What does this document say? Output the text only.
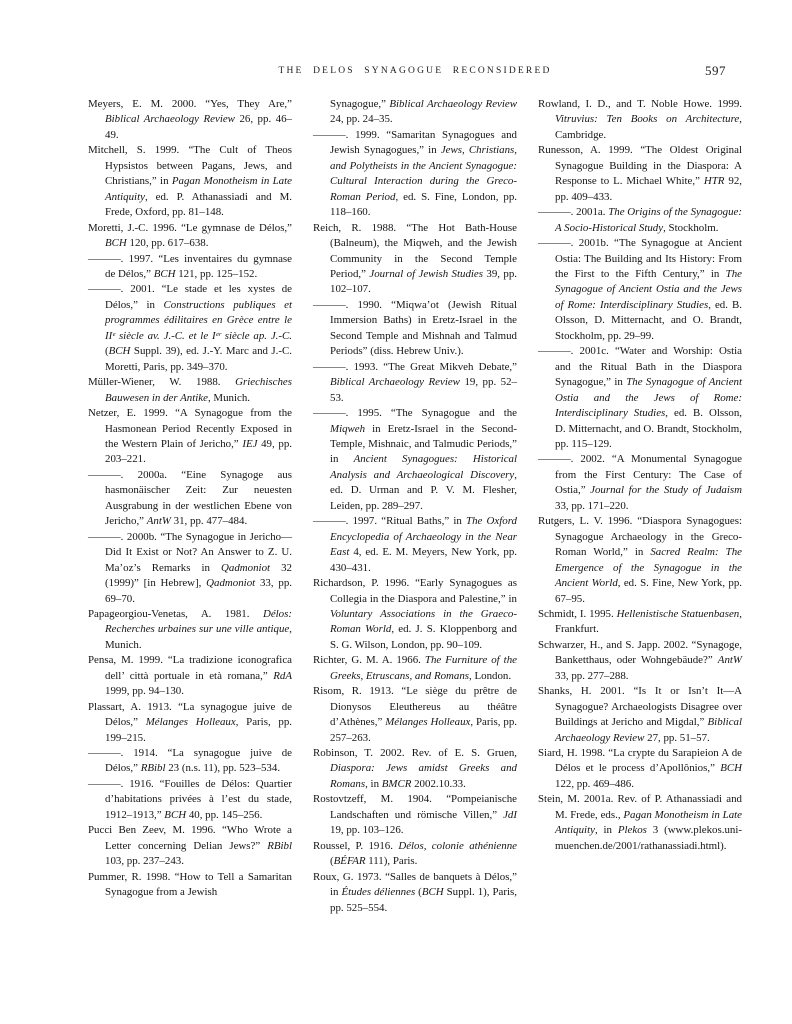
THE DELOS SYNAGOGUE RECONSIDERED	597

Meyers, E. M. 2000. “Yes, They Are,” Biblical Archaeology Review 26, pp. 46–49.

Mitchell, S. 1999. “The Cult of Theos Hypsistos between Pagans, Jews, and Christians,” in Pagan Monotheism in Late Antiquity, ed. P. Athanassiadi and M. Frede, Oxford, pp. 81–148.

Moretti, J.-C. 1996. “Le gymnase de Délos,” BCH 120, pp. 617–638.

———. 1997. “Les inventaires du gymnase de Délos,” BCH 121, pp. 125–152.

———. 2001. “Le stade et les xystes de Délos,” in Constructions publiques et programmes édilitaires en Grèce entre le IIᵉ siècle av. J.-C. et le Iᵉʳ siècle ap. J.-C. (BCH Suppl. 39), ed. J.-Y. Marc and J.-C. Moretti, Paris, pp. 349–370.

Müller-Wiener, W. 1988. Griechisches Bauwesen in der Antike, Munich.

Netzer, E. 1999. “A Synagogue from the Hasmonean Period Recently Exposed in the Western Plain of Jericho,” IEJ 49, pp. 203–221.

———. 2000a. “Eine Synagoge aus hasmonäischer Zeit: Zur neuesten Ausgrabung in der westlichen Ebene von Jericho,” AntW 31, pp. 477–484.

———. 2000b. “The Synagogue in Jericho—Did It Exist or Not? An Answer to Z. U. Ma’oz’s Remarks in Qadmoniot 32 (1999)” [in Hebrew], Qadmoniot 33, pp. 69–70.

Papageorgiou-Venetas, A. 1981. Délos: Recherches urbaines sur une ville antique, Munich.

Pensa, M. 1999. “La tradizione iconografica dell’ città portuale in età romana,” RdA 1999, pp. 94–130.

Plassart, A. 1913. “La synagogue juive de Délos,” Mélanges Holleaux, Paris, pp. 199–215.

———. 1914. “La synagogue juive de Délos,” RBibl 23 (n.s. 11), pp. 523–534.

———. 1916. “Fouilles de Délos: Quartier d’habitations privées à l’est du stade, 1912–1913,” BCH 40, pp. 145–256.

Pucci Ben Zeev, M. 1996. “Who Wrote a Letter concerning Delian Jews?” RBibl 103, pp. 237–243.

Pummer, R. 1998. “How to Tell a Samaritan Synagogue from a Jewish

Synagogue,” Biblical Archaeology Review 24, pp. 24–35.

———. 1999. “Samaritan Synagogues and Jewish Synagogues,” in Jews, Christians, and Polytheists in the Ancient Synagogue: Cultural Interaction during the Greco-Roman Period, ed. S. Fine, London, pp. 118–160.

Reich, R. 1988. “The Hot Bath-House (Balneum), the Miqweh, and the Jewish Community in the Second Temple Period,” Journal of Jewish Studies 39, pp. 102–107.

———. 1990. “Miqwa’ot (Jewish Ritual Immersion Baths) in Eretz-Israel in the Second Temple and Mishnah and Talmud Periods” (diss. Hebrew Univ.).

———. 1993. “The Great Mikveh Debate,” Biblical Archaeology Review 19, pp. 52–53.

———. 1995. “The Synagogue and the Miqweh in Eretz-Israel in the Second-Temple, Mishnaic, and Talmudic Periods,” in Ancient Synagogues: Historical Analysis and Archaeological Discovery, ed. D. Urman and P. V. M. Flesher, Leiden, pp. 289–297.

———. 1997. “Ritual Baths,” in The Oxford Encyclopedia of Archaeology in the Near East 4, ed. E. M. Meyers, New York, pp. 430–431.

Richardson, P. 1996. “Early Synagogues as Collegia in the Diaspora and Palestine,” in Voluntary Associations in the Graeco-Roman World, ed. J. S. Kloppenborg and S. G. Wilson, London, pp. 90–109.

Richter, G. M. A. 1966. The Furniture of the Greeks, Etruscans, and Romans, London.

Risom, R. 1913. “Le siège du prêtre de Dionysos Eleuthereus au théâtre d’Athènes,” Mélanges Holleaux, Paris, pp. 257–263.

Robinson, T. 2002. Rev. of E. S. Gruen, Diaspora: Jews amidst Greeks and Romans, in BMCR 2002.10.33.

Rostovtzeff, M. 1904. “Pompeianische Landschaften und römische Villen,” JdI 19, pp. 103–126.

Roussel, P. 1916. Délos, colonie athénienne (BÉFAR 111), Paris.

Roux, G. 1973. “Salles de banquets à Délos,” in Études déliennes (BCH Suppl. 1), Paris, pp. 525–554.

Rowland, I. D., and T. Noble Howe. 1999. Vitruvius: Ten Books on Architecture, Cambridge.

Runesson, A. 1999. “The Oldest Original Synagogue Building in the Diaspora: A Response to L. Michael White,” HTR 92, pp. 409–433.

———. 2001a. The Origins of the Synagogue: A Socio-Historical Study, Stockholm.

———. 2001b. “The Synagogue at Ancient Ostia: The Building and Its History: From the First to the Fifth Century,” in The Synagogue of Ancient Ostia and the Jews of Rome: Interdisciplinary Studies, ed. B. Olsson, D. Mitternacht, and O. Brandt, Stockholm, pp. 29–99.

———. 2001c. “Water and Worship: Ostia and the Ritual Bath in the Diaspora Synagogue,” in The Synagogue of Ancient Ostia and the Jews of Rome: Interdisciplinary Studies, ed. B. Olsson, D. Mitternacht, and O. Brandt, Stockholm, pp. 115–129.

———. 2002. “A Monumental Synagogue from the First Century: The Case of Ostia,” Journal for the Study of Judaism 33, pp. 171–220.

Rutgers, L. V. 1996. “Diaspora Synagogues: Synagogue Archaeology in the Greco-Roman World,” in Sacred Realm: The Emergence of the Synagogue in the Ancient World, ed. S. Fine, New York, pp. 67–95.

Schmidt, I. 1995. Hellenistische Statuenbasen, Frankfurt.

Schwarzer, H., and S. Japp. 2002. “Synagoge, Banketthaus, oder Wohngebäude?” AntW 33, pp. 277–288.

Shanks, H. 2001. “Is It or Isn’t It—A Synagogue? Archaeologists Disagree over Buildings at Jericho and Migdal,” Biblical Archaeology Review 27, pp. 51–57.

Siard, H. 1998. “La crypte du Sarapieion A de Délos et le process d’Apollônios,” BCH 122, pp. 469–486.

Stein, M. 2001a. Rev. of P. Athanassiadi and M. Frede, eds., Pagan Monotheism in Late Antiquity, in Plekos 3 (www.plekos.uni-muenchen.de/2001/rathanassiadi.html).
